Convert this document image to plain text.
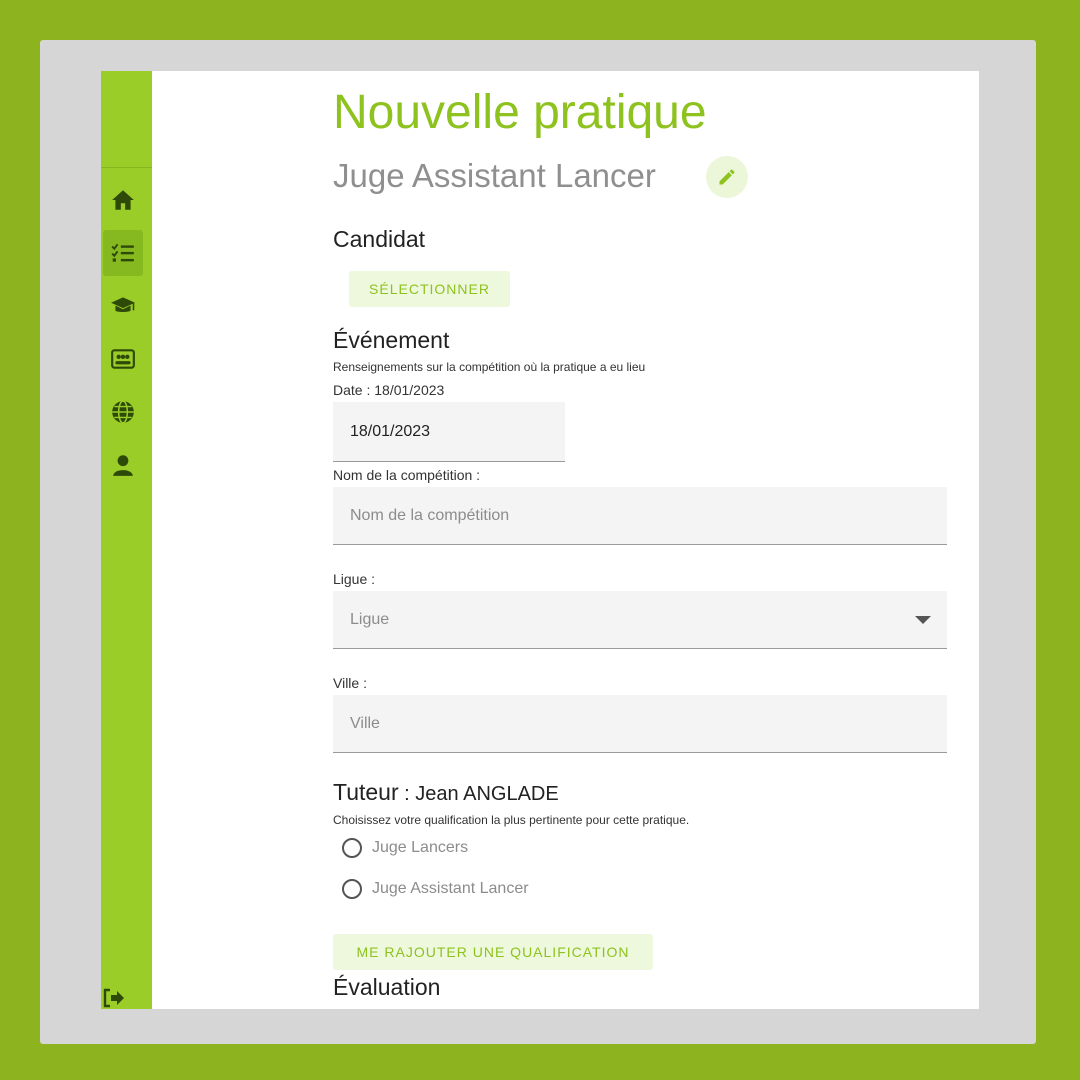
Nouvelle pratique
Juge Assistant Lancer
Candidat
SÉLECTIONNER
Événement
Renseignements sur la compétition où la pratique a eu lieu
Date : 18/01/2023
18/01/2023
Nom de la compétition :
Nom de la compétition
Ligue :
Ligue
Ville :
Ville
Tuteur : Jean ANGLADE
Choisissez votre qualification la plus pertinente pour cette pratique.
Juge Lancers
Juge Assistant Lancer
ME RAJOUTER UNE QUALIFICATION
Évaluation
